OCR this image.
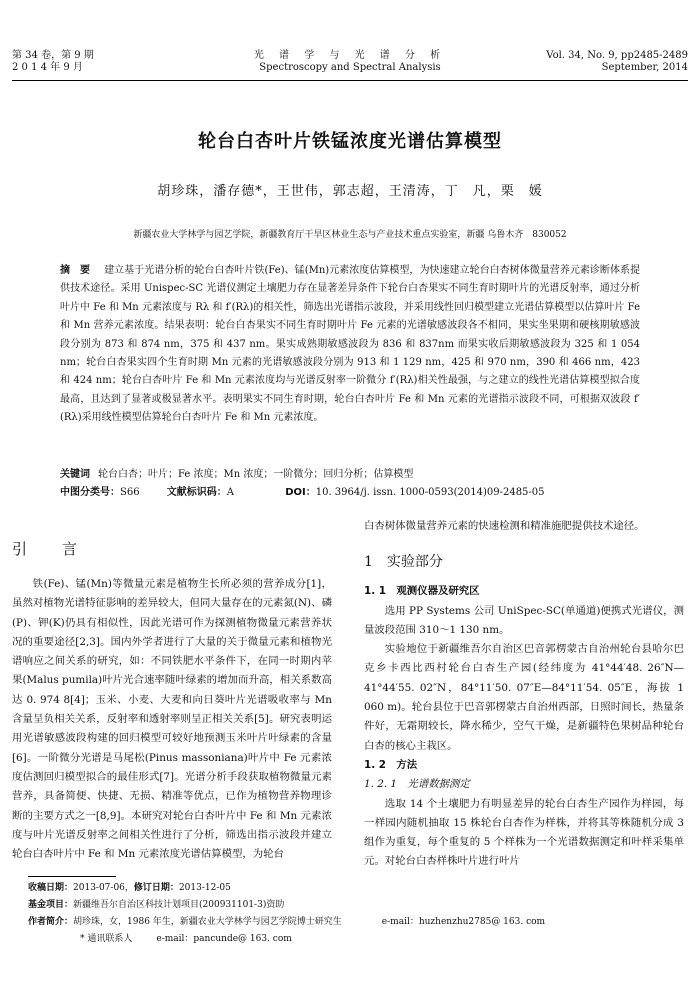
第 34 卷，第 9 期
2 0 1 4 年 9 月
光 谱 学 与 光 谱 分 析
Spectroscopy and Spectral Analysis
Vol. 34, No. 9, pp2485-2489
September, 2014
轮台白杏叶片铁锰浓度光谱估算模型
胡珍珠，潘存德*，王世伟，郭志超，王清涛，丁　凡，栗　媛
新疆农业大学林学与园艺学院，新疆教育厅干旱区林业生态与产业技术重点实验室，新疆 乌鲁木齐　830052
摘　要 建立基于光谱分析的轮台白杏叶片铁(Fe)、锰(Mn)元素浓度估算模型，为快速建立轮台白杏树体微量营养元素诊断体系提供技术途径。采用 Unispec-SC 光谱仪测定土壤肥力存在显著差异条件下轮台白杏果实不同生育时期叶片的光谱反射率，通过分析叶片中 Fe 和 Mn 元素浓度与 Rλ 和 f′(Rλ)的相关性，筛选出光谱指示波段，并采用线性回归模型建立光谱估算模型以估算叶片 Fe 和 Mn 营养元素浓度。结果表明：轮台白杏果实不同生育时期叶片 Fe 元素的光谱敏感波段各不相同，果实坐果期和硬核期敏感波段分别为 873 和 874 nm，375 和 437 nm。果实成熟期敏感波段为 836 和 837nm 而果实收后期敏感波段为 325 和 1 054 nm；轮台白杏果实四个生育时期 Mn 元素的光谱敏感波段分别为 913 和 1 129 nm，425 和 970 nm，390 和 466 nm，423 和 424 nm；轮台白杏叶片 Fe 和 Mn 元素浓度均与光谱反射率一阶微分 f′(Rλ)相关性最强，与之建立的线性光谱估算模型拟合度最高，且达到了显著或极显著水平。表明果实不同生育时期，轮台白杏叶片 Fe 和 Mn 元素的光谱指示波段不同，可根据双波段 f′(Rλ)采用线性模型估算轮台白杏叶片 Fe 和 Mn 元素浓度。
关键词 轮台白杏；叶片；Fe 浓度；Mn 浓度；一阶微分；回归分析；估算模型
中图分类号：S66	文献标识码：A	DOI：10. 3964/j. issn. 1000-0593(2014)09-2485-05
引　言

铁(Fe)、锰(Mn)等微量元素是植物生长所必须的营养成分[1]，虽然对植物光谱特征影响的差异较大，但同大量存在的元素氮(N)、磷(P)、钾(K)仍具有相似性，因此光谱可作为探测植物微量元素营养状况的重要途径[2,3]。国内外学者进行了大量的关于微量元素和植物光谱响应之间关系的研究，如：不同铁肥水平条件下，在同一时期内苹果(Malus pumila)叶片光合速率随叶绿素的增加而升高，相关系数高达 0. 974 8[4]；玉米、小麦、大麦和向日葵叶片光谱吸收率与 Mn 含量呈负相关关系，反射率和透射率则呈正相关关系[5]。研究表明运用光谱敏感波段构建的回归模型可较好地预测玉米叶片叶绿素的含量[6]。一阶微分光谱是马尾松(Pinus massoniana)叶片中 Fe 元素浓度估测回归模型拟合的最佳形式[7]。光谱分析手段获取植物微量元素营养，具备简便、快捷、无损、精准等优点，已作为植物营养物理诊断的主要方式之一[8,9]。本研究对轮台白杏叶片中 Fe 和 Mn 元素浓度与叶片光谱反射率之间相关性进行了分析，筛选出指示波段并建立轮台白杏叶片中 Fe 和 Mn 元素浓度光谱估算模型，为轮台

白杏树体微量营养元素的快速检测和精准施肥提供技术途径。

1　实验部分
1. 1　观测仪器及研究区

选用 PP Systems 公司 UniSpec-SC(单通道)便携式光谱仪，测量波段范围 310～1 130 nm。

实验地位于新疆维吾尔自治区巴音郭楞蒙古自治州轮台县哈尔巴克乡卡西比西村轮台白杏生产园(经纬度为 41°44′48. 26″N—41°44′55. 02″N，84°11′50. 07″E—84°11′54. 05″E，海拔 1 060 m)。轮台县位于巴音郭楞蒙古自治州西部，日照时间长，热量条件好，无霜期较长，降水稀少，空气干燥，是新疆特色果树品种轮台白杏的核心主栽区。

1. 2　方法
1. 2. 1　光谱数据测定

选取 14 个土壤肥力有明显差异的轮台白杏生产园作为样园，每一样园内随机抽取 15 株轮台白杏作为样株，并将其等株随机分成 3 组作为重复，每个重复的 5 个样株为一个光谱数据测定和叶样采集单元。对轮台白杏样株叶片进行叶片

收稿日期：2013-07-06，修订日期：2013-12-05
基金项目：新疆维吾尔自治区科技计划项目(200931101-3)资助
作者简介：胡珍珠，女，1986 年生，新疆农业大学林学与园艺学院博士研究生	e-mail：huzhenzhu2785@ 163. com
* 通讯联系人	e-mail：pancunde@ 163. com
